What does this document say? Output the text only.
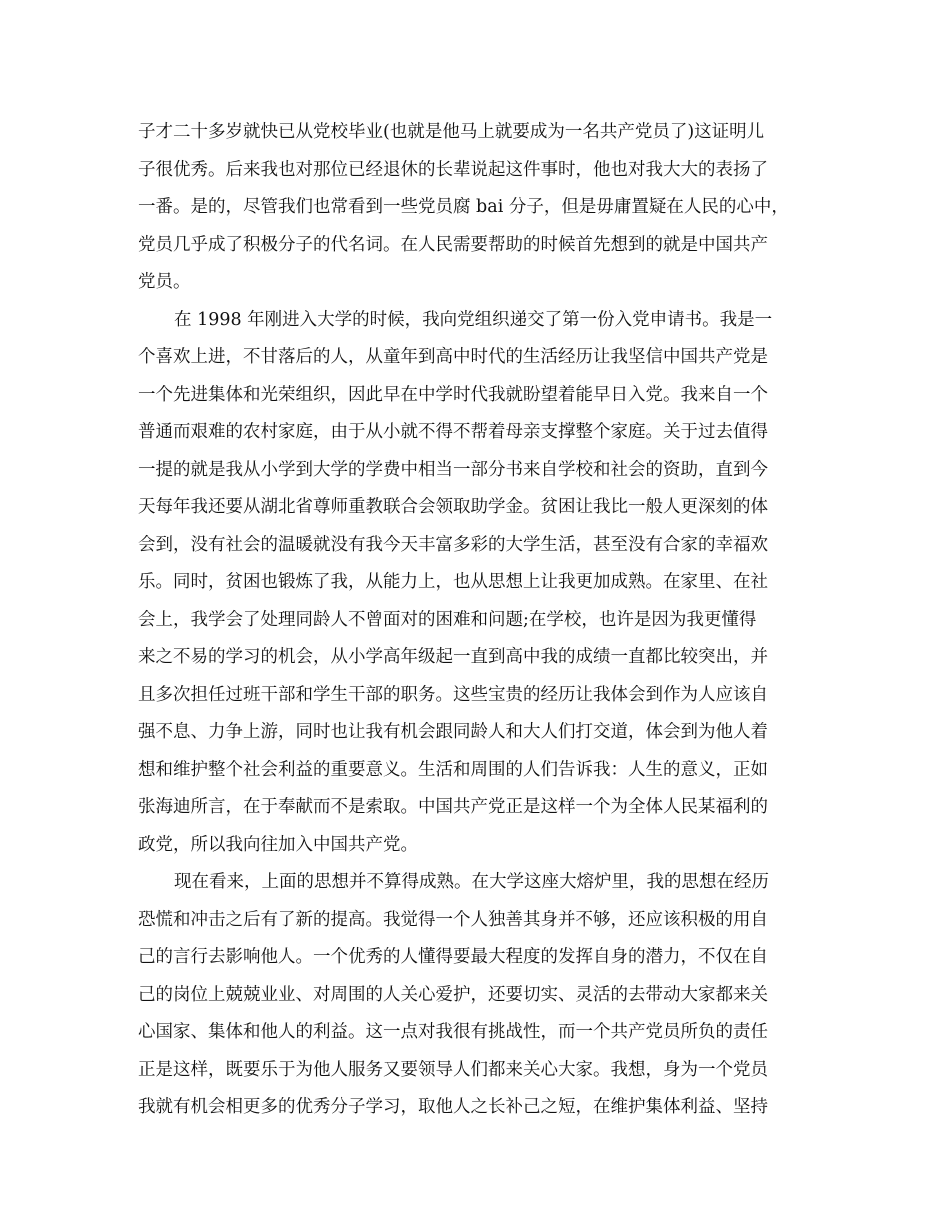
子才二十多岁就快已从党校毕业(也就是他马上就要成为一名共产党员了)这证明儿
子很优秀。后来我也对那位已经退休的长辈说起这件事时，他也对我大大的表扬了
一番。是的，尽管我们也常看到一些党员腐 bai 分子，但是毋庸置疑在人民的心中，
党员几乎成了积极分子的代名词。在人民需要帮助的时候首先想到的就是中国共产
党员。
在 1998 年刚进入大学的时候，我向党组织递交了第一份入党申请书。我是一
个喜欢上进，不甘落后的人，从童年到高中时代的生活经历让我坚信中国共产党是
一个先进集体和光荣组织，因此早在中学时代我就盼望着能早日入党。我来自一个
普通而艰难的农村家庭，由于从小就不得不帮着母亲支撑整个家庭。关于过去值得
一提的就是我从小学到大学的学费中相当一部分书来自学校和社会的资助，直到今
天每年我还要从湖北省尊师重教联合会领取助学金。贫困让我比一般人更深刻的体
会到，没有社会的温暖就没有我今天丰富多彩的大学生活，甚至没有合家的幸福欢
乐。同时，贫困也锻炼了我，从能力上，也从思想上让我更加成熟。在家里、在社
会上，我学会了处理同龄人不曾面对的困难和问题;在学校，也许是因为我更懂得
来之不易的学习的机会，从小学高年级起一直到高中我的成绩一直都比较突出，并
且多次担任过班干部和学生干部的职务。这些宝贵的经历让我体会到作为人应该自
强不息、力争上游，同时也让我有机会跟同龄人和大人们打交道，体会到为他人着
想和维护整个社会利益的重要意义。生活和周围的人们告诉我：人生的意义，正如
张海迪所言，在于奉献而不是索取。中国共产党正是这样一个为全体人民某福利的
政党，所以我向往加入中国共产党。
现在看来，上面的思想并不算得成熟。在大学这座大熔炉里，我的思想在经历
恐慌和冲击之后有了新的提高。我觉得一个人独善其身并不够，还应该积极的用自
己的言行去影响他人。一个优秀的人懂得要最大程度的发挥自身的潜力，不仅在自
己的岗位上兢兢业业、对周围的人关心爱护，还要切实、灵活的去带动大家都来关
心国家、集体和他人的利益。这一点对我很有挑战性，而一个共产党员所负的责任
正是这样，既要乐于为他人服务又要领导人们都来关心大家。我想，身为一个党员
我就有机会相更多的优秀分子学习，取他人之长补己之短，在维护集体利益、坚持
